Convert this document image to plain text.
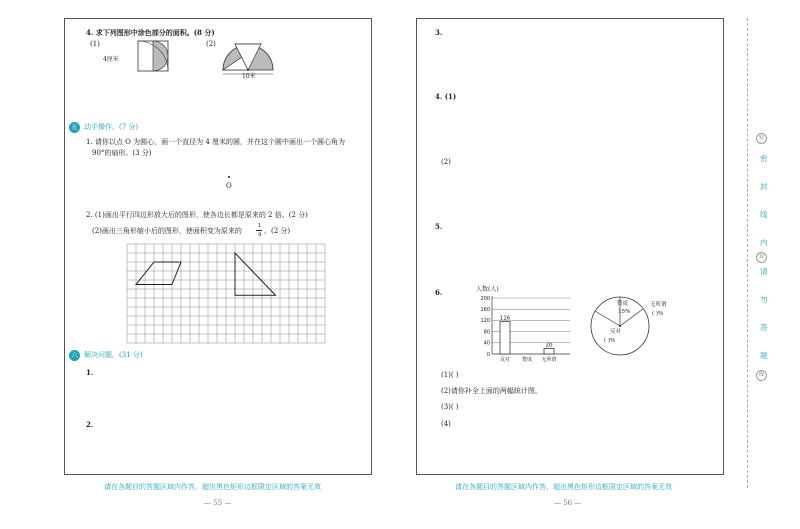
4. 求下列图形中涂色部分的面积。(8 分)
(1)	(2)
4厘米
10米
五 动手操作。(7 分)
1. 请你以点 O 为圆心，画一个直径为 4 厘米的圆，并在这个圆中画出一个圆心角为
90°的扇形。(3 分)
O
2. (1)画出平行四边形放大后的图形，使各边长都是原来的 2 倍。(2 分)
(2)画出三角形缩小后的图形，使面积变为原来的
1
4 。(2 分)
六 解决问题。(31 分)
1.
2.
请在各题目的答题区域内作答，超出黑色矩形边框限定区域的答案无效
— 55 —
3.
4. (1)
(2)
5.
6.	人数(人)
0
40
80
120
160
200
116
反对 赞成
20
无所谓
赞成
15%
无所谓
( )%
反对
( )%
(1)( )
(2)请你补全上面的两幅统计图。
(3)( )
(4)
请在各题目的答题区域内作答，超出黑色矩形边框限定区域的答案无效
— 56 —
密
封
线
密
封
线
内
请
勿
答
题
